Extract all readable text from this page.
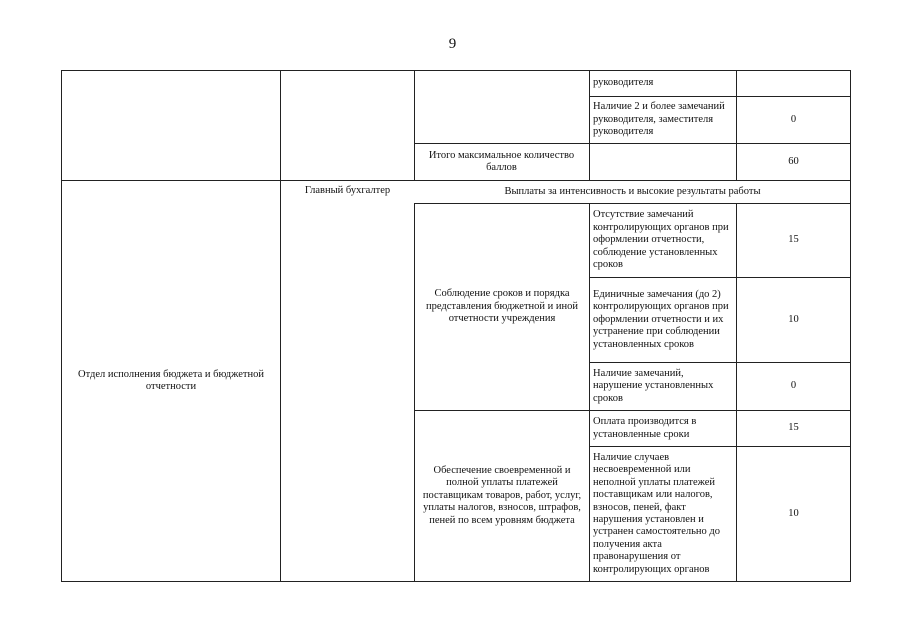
9
руководителя
Наличие 2 и более замечаний руководителя, заместителя руководителя
0
Итого максимальное количество баллов
60
Отдел исполнения бюджета и бюджетной отчетности
Главный бухгалтер	Выплаты за интенсивность и высокие результаты работы
Соблюдение сроков и порядка представления бюджетной и иной отчетности учреждения
Отсутствие замечаний контролирующих органов при оформлении отчетности, соблюдение установленных сроков
15
Единичные замечания (до 2) контролирующих органов при оформлении отчетности и их устранение при соблюдении установленных сроков
10
Наличие замечаний, нарушение установленных сроков
0
Обеспечение своевременной и полной уплаты платежей поставщикам товаров, работ, услуг, уплаты налогов, взносов, штрафов, пеней по всем уровням бюджета
Оплата производится в установленные сроки
15
Наличие случаев несвоевременной или неполной уплаты платежей поставщикам или налогов, взносов, пеней, факт нарушения установлен и устранен самостоятельно до получения акта правонарушения от контролирующих органов
10
